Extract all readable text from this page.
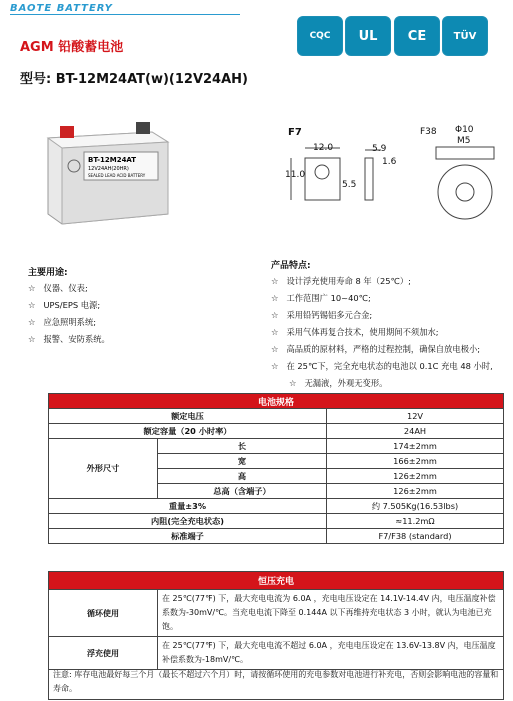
BAOTE BATTERY
CQC UL CE	TÜV
AGM 铅酸蓄电池
型号: BT-12M24AT(w)(12V24AH)
BT-12M24AT
12V24AH(20HR)
SEALED LEAD ACID BATTERY
F7
12.0	5.9
1.6
11.0
5.5
F38 Φ10
M5
主要用途:
☆ 仪器、仪表;
☆ UPS/EPS 电源;
☆ 应急照明系统;
☆ 报警、安防系统。
产品特点:
☆ 设计浮充使用寿命 8 年（25℃）;
☆ 工作范围广 10~40℃;
☆ 采用铅钙锡铝多元合金;
☆ 采用气体再复合技术，使用期间不须加水;
☆ 高品质的原材料，严格的过程控制，确保自放电极小;
☆ 在 25℃下，完全充电状态的电池以 0.1C 充电 48 小时,
☆ 无漏液，外观无变形。
电池规格		
额定电压		12V
额定容量（20 小时率）		24AH
外形尺寸	长	174±2mm
	宽	166±2mm
	高	126±2mm
	总高（含端子）	126±2mm
重量±3%		约 7.505Kg(16.53lbs)
内阻(完全充电状态)		≈11.2mΩ
标准端子		F7/F38 (standard)
恒压充电	
循环使用	在 25℃(77℉) 下，最大充电电流为 6.0A ，充电电压设定在 14.1V-14.4V 内，电压温度补偿系数为-30mV/℃。当充电电流下降至 0.144A 以下再维持充电状态 3 小时，就认为电池已充饱。
浮充使用	在 25℃(77℉) 下，最大充电电流不超过 6.0A ，充电电压设定在 13.6V-13.8V 内，电压温度补偿系数为-18mV/℃。
注意: 库存电池最好每三个月（最长不超过六个月）时，请按循环使用的充电参数对电池进行补充电，否则会影响电池的容量和寿命。
